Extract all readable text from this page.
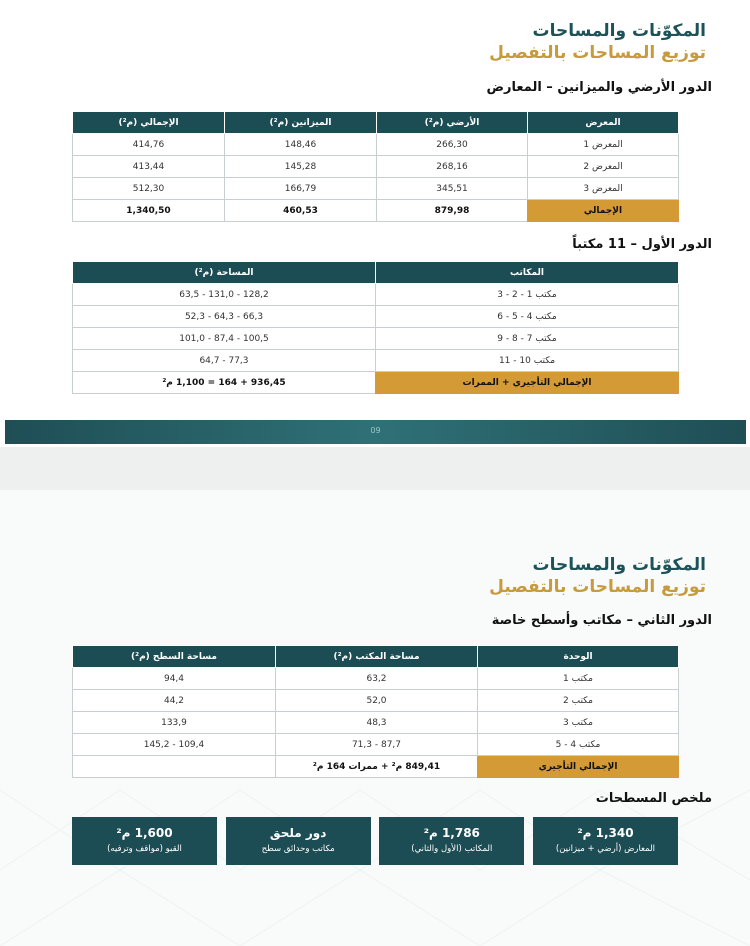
المكوّنات والمساحات
توزيع المساحات بالتفصيل
الدور الأرضي والميزانين – المعارض
المعرض	الأرضي (م²)	الميزانين (م²)	الإجمالي (م²)
المعرض 1	266,30	148,46	414,76
المعرض 2	268,16	145,28	413,44
المعرض 3	345,51	166,79	512,30
الإجمالي	879,98	460,53	1,340,50
الدور الأول – 11 مكتباً
المكاتب	المساحة (م²)
مكتب 1 - 2 - 3	128,2 - 131,0 - 63,5
مكتب 4 - 5 - 6	66,3 - 64,3 - 52,3
مكتب 7 - 8 - 9	100,5 - 87,4 - 101,0
مكتب 10 - 11	77,3 - 64,7
الإجمالي التأجيري + الممرات	936,45 + 164 = 1,100 م²
09
المكوّنات والمساحات
توزيع المساحات بالتفصيل
الدور الثاني – مكاتب وأسطح خاصة
الوحدة	مساحة المكتب (م²)	مساحة السطح (م²)
مكتب 1	63,2	94,4
مكتب 2	52,0	44,2
مكتب 3	48,3	133,9
مكتب 4 - 5	87,7 - 71,3	109,4 - 145,2
الإجمالي التأجيري	849,41 م² + ممرات 164 م²	
ملخص المسطحات
1,340 م²
المعارض (أرضي + ميزانين)
1,786 م²
المكاتب (الأول والثاني)
دور ملحق
مكاتب وحدائق سطح
1,600 م²
القبو (مواقف وترفيه)
